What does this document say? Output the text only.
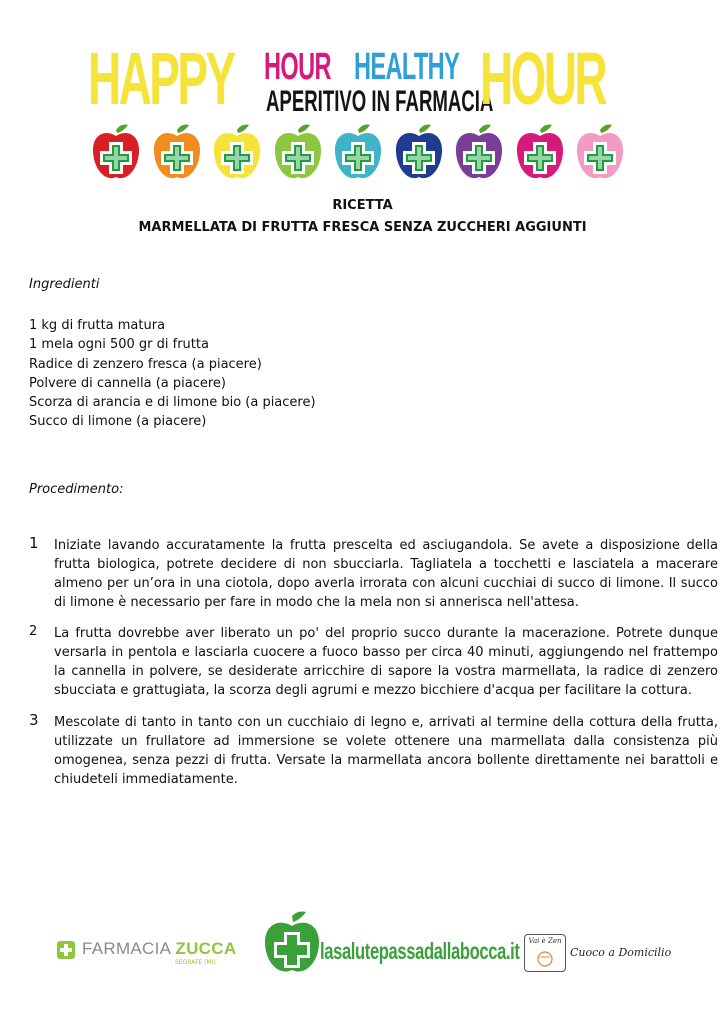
HAPPY HOUR HEALTHY
APERITIVO IN FARMACIA
HOUR
RICETTA
MARMELLATA DI FRUTTA FRESCA SENZA ZUCCHERI AGGIUNTI
Ingredienti
1 kg di frutta matura
1 mela ogni 500 gr di frutta
Radice di zenzero fresca (a piacere)
Polvere di cannella (a piacere)
Scorza di arancia e di limone bio (a piacere)
Succo di limone (a piacere)
Procedimento:
1 Iniziate lavando accuratamente la frutta prescelta ed asciugandola. Se avete a disposizione della frutta biologica, potrete decidere di non sbucciarla. Tagliatela a tocchetti e lasciatela a macerare almeno per un’ora in una ciotola, dopo averla irrorata con alcuni cucchiai di succo di limone. Il succo di limone è necessario per fare in modo che la mela non si annerisca nell'attesa.

2 La frutta dovrebbe aver liberato un po' del proprio succo durante la macerazione. Potrete dunque versarla in pentola e lasciarla cuocere a fuoco basso per circa 40 minuti, aggiungendo nel frattempo la cannella in polvere, se desiderate arricchire di sapore la vostra marmellata, la radice di zenzero sbucciata e grattugiata, la scorza degli agrumi e mezzo bicchiere d'acqua per facilitare la cottura.

3 Mescolate di tanto in tanto con un cucchiaio di legno e, arrivati al termine della cottura della frutta, utilizzate un frullatore ad immersione se volete ottenere una marmellata dalla consistenza più omogenea, senza pezzi di frutta. Versate la marmellata ancora bollente direttamente nei barattoli e chiudeteli immediatamente.

FARMACIA ZUCCA
SEGRATE (MI)	lasalutepassadallabocca.it	Vai è Zen
Cuoco a Domicilio
